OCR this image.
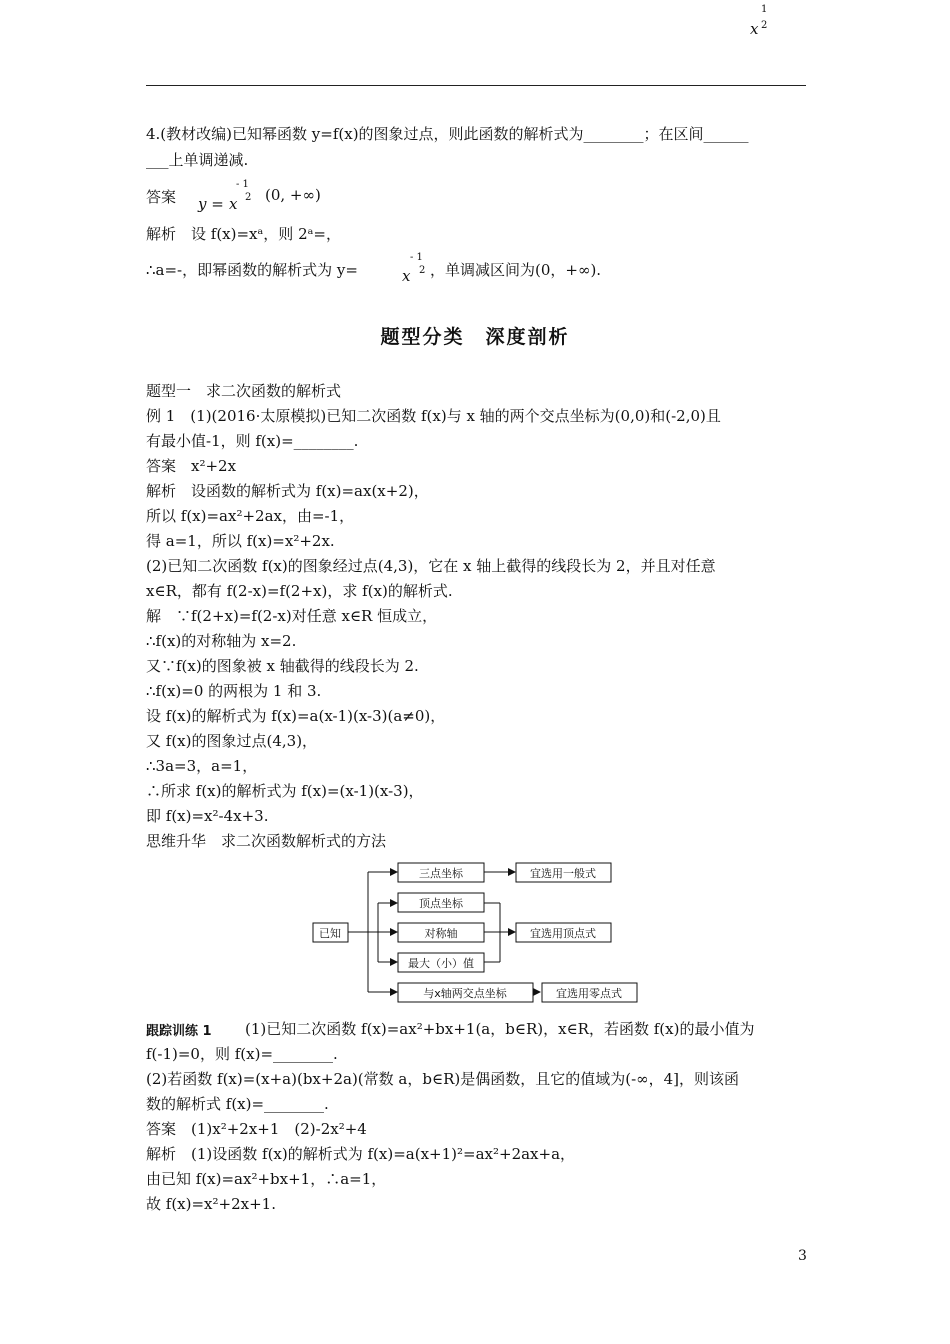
x
1
2
4.(教材改编)已知幂函数 y=f(x)的图象过点，则此函数的解析式为________；在区间______
___上单调递减.
答案 y = x
- 1
2 (0, +∞)
解析　设 f(x)=xᵃ，则 2ᵃ=，
∴a=-，即幂函数的解析式为 y=	x
- 1
2 ，单调减区间为(0，+∞).
题型分类　深度剖析
题型一　求二次函数的解析式
例 1　(1)(2016·太原模拟)已知二次函数 f(x)与 x 轴的两个交点坐标为(0,0)和(-2,0)且
有最小值-1，则 f(x)=________.
答案　x²+2x
解析　设函数的解析式为 f(x)=ax(x+2)，
所以 f(x)=ax²+2ax，由=-1，
得 a=1，所以 f(x)=x²+2x.
(2)已知二次函数 f(x)的图象经过点(4,3)，它在 x 轴上截得的线段长为 2，并且对任意
x∈R，都有 f(2-x)=f(2+x)，求 f(x)的解析式.
解　∵f(2+x)=f(2-x)对任意 x∈R 恒成立，
∴f(x)的对称轴为 x=2.
又∵f(x)的图象被 x 轴截得的线段长为 2.
∴f(x)=0 的两根为 1 和 3.
设 f(x)的解析式为 f(x)=a(x-1)(x-3)(a≠0)，
又 f(x)的图象过点(4,3)，
∴3a=3，a=1，
∴所求 f(x)的解析式为 f(x)=(x-1)(x-3)，
即 f(x)=x²-4x+3.
思维升华　求二次函数解析式的方法
已知
三点坐标
顶点坐标
对称轴
最大（小）值
与x轴两交点坐标
宜选用一般式
宜选用顶点式
宜选用零点式
跟踪训练 1 　(1)已知二次函数 f(x)=ax²+bx+1(a，b∈R)，x∈R，若函数 f(x)的最小值为
f(-1)=0，则 f(x)=________.
(2)若函数 f(x)=(x+a)(bx+2a)(常数 a，b∈R)是偶函数，且它的值域为(-∞，4]，则该函
数的解析式 f(x)=________.
答案　(1)x²+2x+1　(2)-2x²+4
解析　(1)设函数 f(x)的解析式为 f(x)=a(x+1)²=ax²+2ax+a，
由已知 f(x)=ax²+bx+1，∴a=1，
故 f(x)=x²+2x+1.
3
